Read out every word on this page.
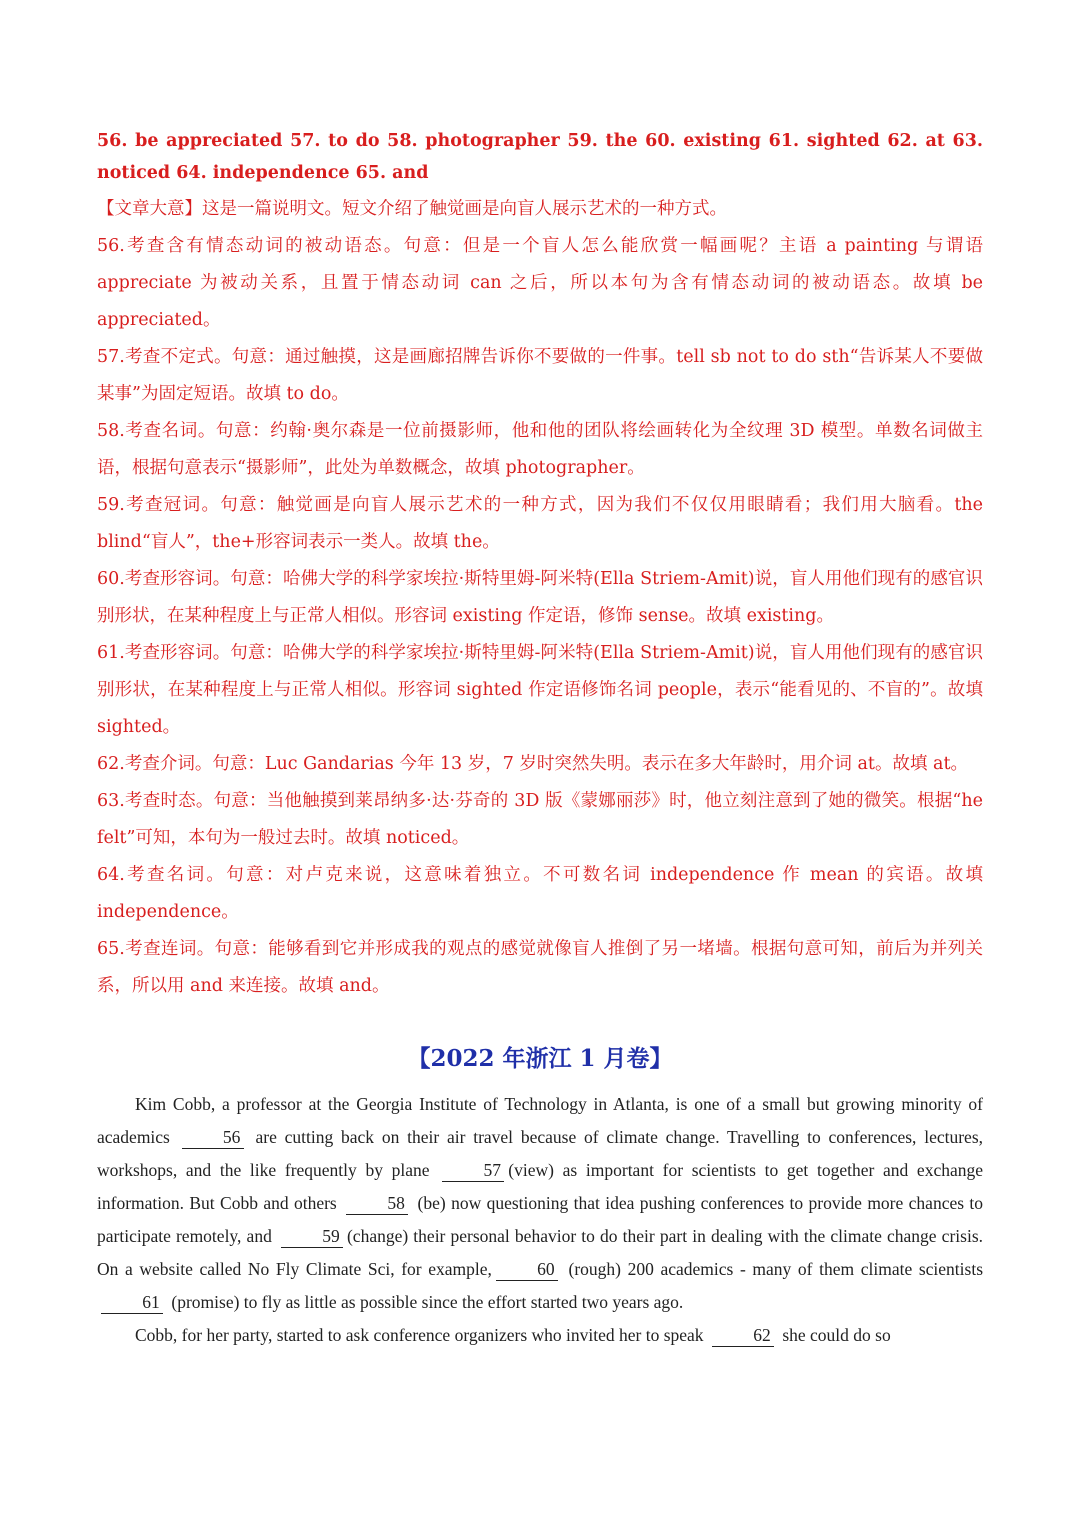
56. be appreciated 57. to do 58. photographer 59. the 60. existing 61. sighted 62. at 63. noticed 64. independence 65. and

【文章大意】这是一篇说明文。短文介绍了触觉画是向盲人展示艺术的一种方式。

56.考查含有情态动词的被动语态。句意：但是一个盲人怎么能欣赏一幅画呢？主语 a painting 与谓语 appreciate 为被动关系，且置于情态动词 can 之后，所以本句为含有情态动词的被动语态。故填 be appreciated。

57.考查不定式。句意：通过触摸，这是画廊招牌告诉你不要做的一件事。tell sb not to do sth“告诉某人不要做某事”为固定短语。故填 to do。

58.考查名词。句意：约翰·奥尔森是一位前摄影师，他和他的团队将绘画转化为全纹理 3D 模型。单数名词做主语，根据句意表示“摄影师”，此处为单数概念，故填 photographer。

59.考查冠词。句意：触觉画是向盲人展示艺术的一种方式，因为我们不仅仅用眼睛看；我们用大脑看。the blind“盲人”，the+形容词表示一类人。故填 the。

60.考查形容词。句意：哈佛大学的科学家埃拉·斯特里姆-阿米特(Ella Striem-Amit)说，盲人用他们现有的感官识别形状，在某种程度上与正常人相似。形容词 existing 作定语，修饰 sense。故填 existing。

61.考查形容词。句意：哈佛大学的科学家埃拉·斯特里姆-阿米特(Ella Striem-Amit)说，盲人用他们现有的感官识别形状，在某种程度上与正常人相似。形容词 sighted 作定语修饰名词 people，表示“能看见的、不盲的”。故填 sighted。

62.考查介词。句意：Luc Gandarias 今年 13 岁，7 岁时突然失明。表示在多大年龄时，用介词 at。故填 at。

63.考查时态。句意：当他触摸到莱昂纳多·达·芬奇的 3D 版《蒙娜丽莎》时，他立刻注意到了她的微笑。根据“he felt”可知，本句为一般过去时。故填 noticed。

64.考查名词。句意：对卢克来说，这意味着独立。不可数名词 independence 作 mean 的宾语。故填 independence。

65.考查连词。句意：能够看到它并形成我的观点的感觉就像盲人推倒了另一堵墙。根据句意可知，前后为并列关系，所以用 and 来连接。故填 and。

【2022 年浙江 1 月卷】

Kim Cobb, a professor at the Georgia Institute of Technology in Atlanta, is one of a small but growing minority of academics	56 are cutting back on their air travel because of climate change. Travelling to conferences, lectures, workshops, and the like frequently by plane	57 (view) as important for scientists to get together and exchange information. But Cobb and others	58 (be) now questioning that idea pushing conferences to provide more chances to participate remotely, and	59 (change) their personal behavior to do their part in dealing with the climate change crisis. On a website called No Fly Climate Sci, for example,	60 (rough) 200 academics - many of them climate scientists 61 (promise) to fly as little as possible since the effort started two years ago.

Cobb, for her party, started to ask conference organizers who invited her to speak	62 she could do so
